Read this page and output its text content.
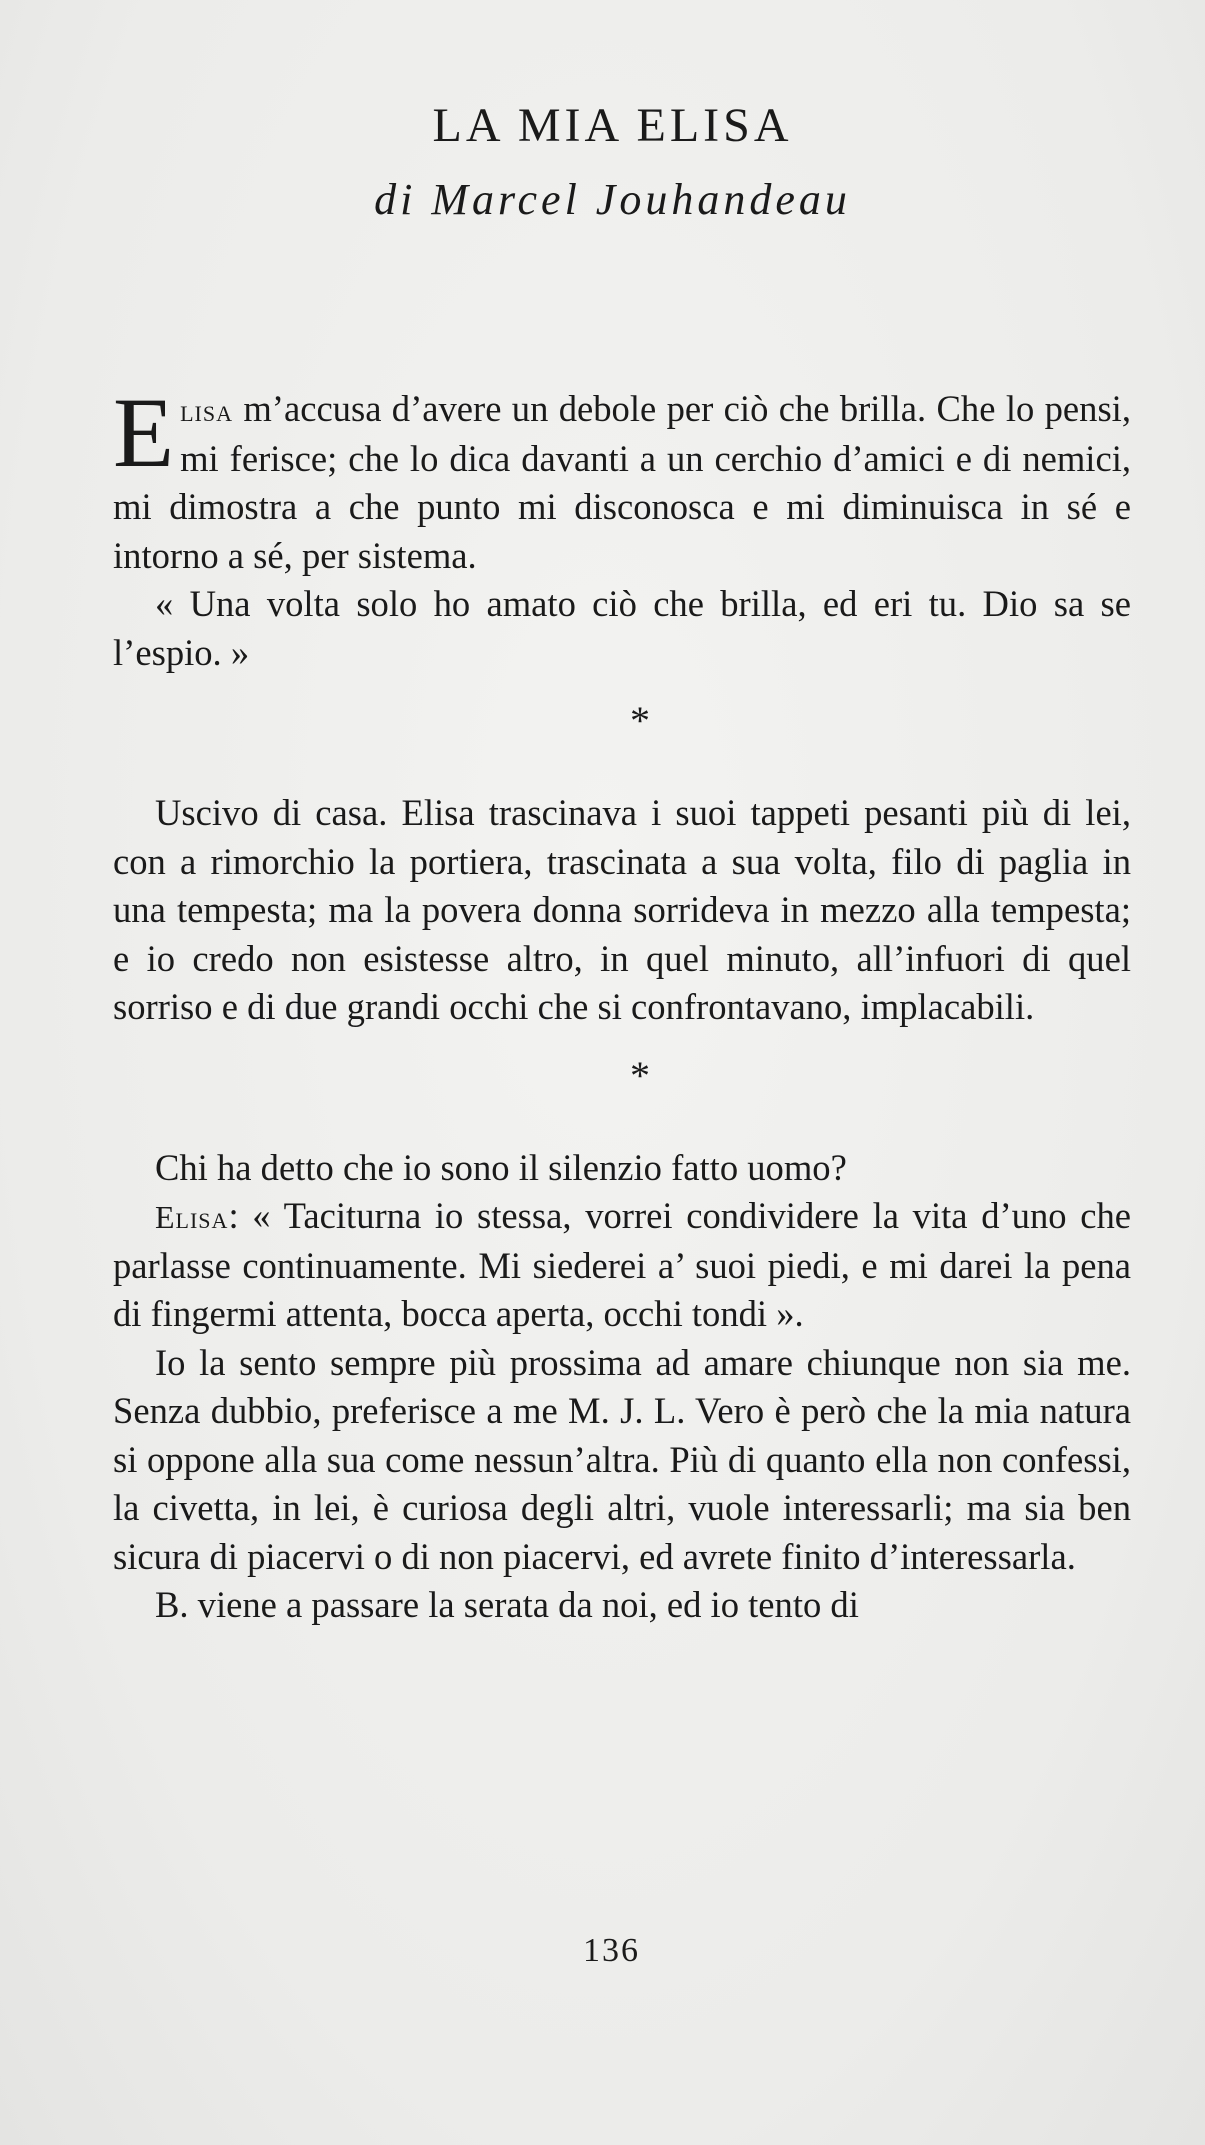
LA MIA ELISA
di Marcel Jouhandeau

Elisa m’accusa d’avere un debole per ciò che brilla. Che lo pensi, mi ferisce; che lo dica davanti a un cerchio d’amici e di nemici, mi dimostra a che punto mi disconosca e mi diminuisca in sé e intorno a sé, per sistema.

« Una volta solo ho amato ciò che brilla, ed eri tu. Dio sa se l’espio. »

*

Uscivo di casa. Elisa trascinava i suoi tappeti pesanti più di lei, con a rimorchio la portiera, trascinata a sua volta, filo di paglia in una tempesta; ma la povera donna sorrideva in mezzo alla tempesta; e io credo non esistesse altro, in quel minuto, all’infuori di quel sorriso e di due grandi occhi che si confrontavano, implacabili.

*

Chi ha detto che io sono il silenzio fatto uomo?

Elisa: « Taciturna io stessa, vorrei condividere la vita d’uno che parlasse continuamente. Mi siederei a’ suoi piedi, e mi darei la pena di fingermi attenta, bocca aperta, occhi tondi ».

Io la sento sempre più prossima ad amare chiunque non sia me. Senza dubbio, preferisce a me M. J. L. Vero è però che la mia natura si oppone alla sua come nessun’altra. Più di quanto ella non confessi, la civetta, in lei, è curiosa degli altri, vuole interessarli; ma sia ben sicura di piacervi o di non piacervi, ed avrete finito d’interessarla.

B. viene a passare la serata da noi, ed io tento di

136
